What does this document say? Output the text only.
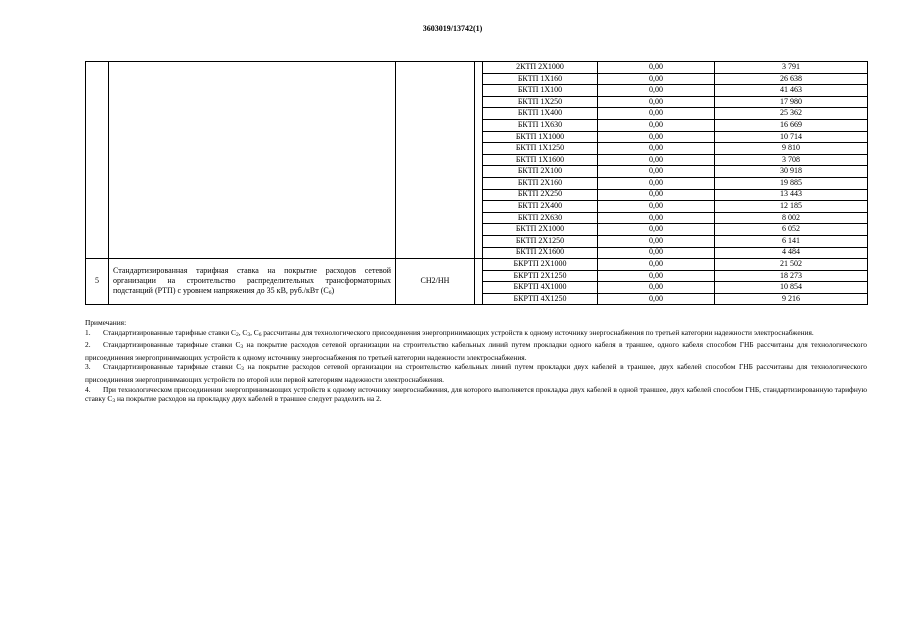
3603019/13742(1)
				2КТП 2Х1000	0,00	3 791
				БКТП 1Х160	0,00	26 638
				БКТП 1Х100	0,00	41 463
				БКТП 1Х250	0,00	17 980
				БКТП 1Х400	0,00	25 362
				БКТП 1Х630	0,00	16 669
				БКТП 1Х1000	0,00	10 714
				БКТП 1Х1250	0,00	9 810
				БКТП 1Х1600	0,00	3 708
				БКТП 2Х100	0,00	30 918
				БКТП 2Х160	0,00	19 885
				БКТП 2Х250	0,00	13 443
				БКТП 2Х400	0,00	12 185
				БКТП 2Х630	0,00	8 002
				БКТП 2Х1000	0,00	6 052
				БКТП 2Х1250	0,00	6 141
				БКТП 2Х1600	0,00	4 484
5	Стандартизированная тарифная ставка на покрытие расходов сетевой организации на строительство распределительных трансформаторных подстанций (РТП) с уровнем напряжения до 35 кВ, руб./кВт $(С_6)$	СН2/НН		БКРТП 2Х1000	0,00	21 502
				БКРТП 2Х1250	0,00	18 273
				БКРТП 4Х1000	0,00	10 854
				БКРТП 4Х1250	0,00	9 216

Примечания:

1. Стандартизированные тарифные ставки $С_2$, $С_3$, $С_6$ рассчитаны для технологического присоединения энергопринимающих устройств к одному источнику энергоснабжения по третьей категории надежности электроснабжения.

2. Стандартизированные тарифные ставки $С_3$ на покрытие расходов сетевой организации на строительство кабельных линий путем прокладки одного кабеля в траншее, одного кабеля способом ГНБ рассчитаны для технологического присоединения энергопринимающих устройств к одному источнику энергоснабжения по третьей категории надежности электроснабжения.

3. Стандартизированные тарифные ставки $С_3$ на покрытие расходов сетевой организации на строительство кабельных линий путем прокладки двух кабелей в траншее, двух кабелей способом ГНБ рассчитаны для технологического присоединения энергопринимающих устройств по второй или первой категориям надежности электроснабжения.

4. При технологическом присоединении энергопринимающих устройств к одному источнику энергоснабжения, для которого выполняется прокладка двух кабелей в одной траншее, двух кабелей способом ГНБ, стандартизированную тарифную ставку $С_3$ на покрытие расходов на прокладку двух кабелей в траншее следует разделить на 2.
